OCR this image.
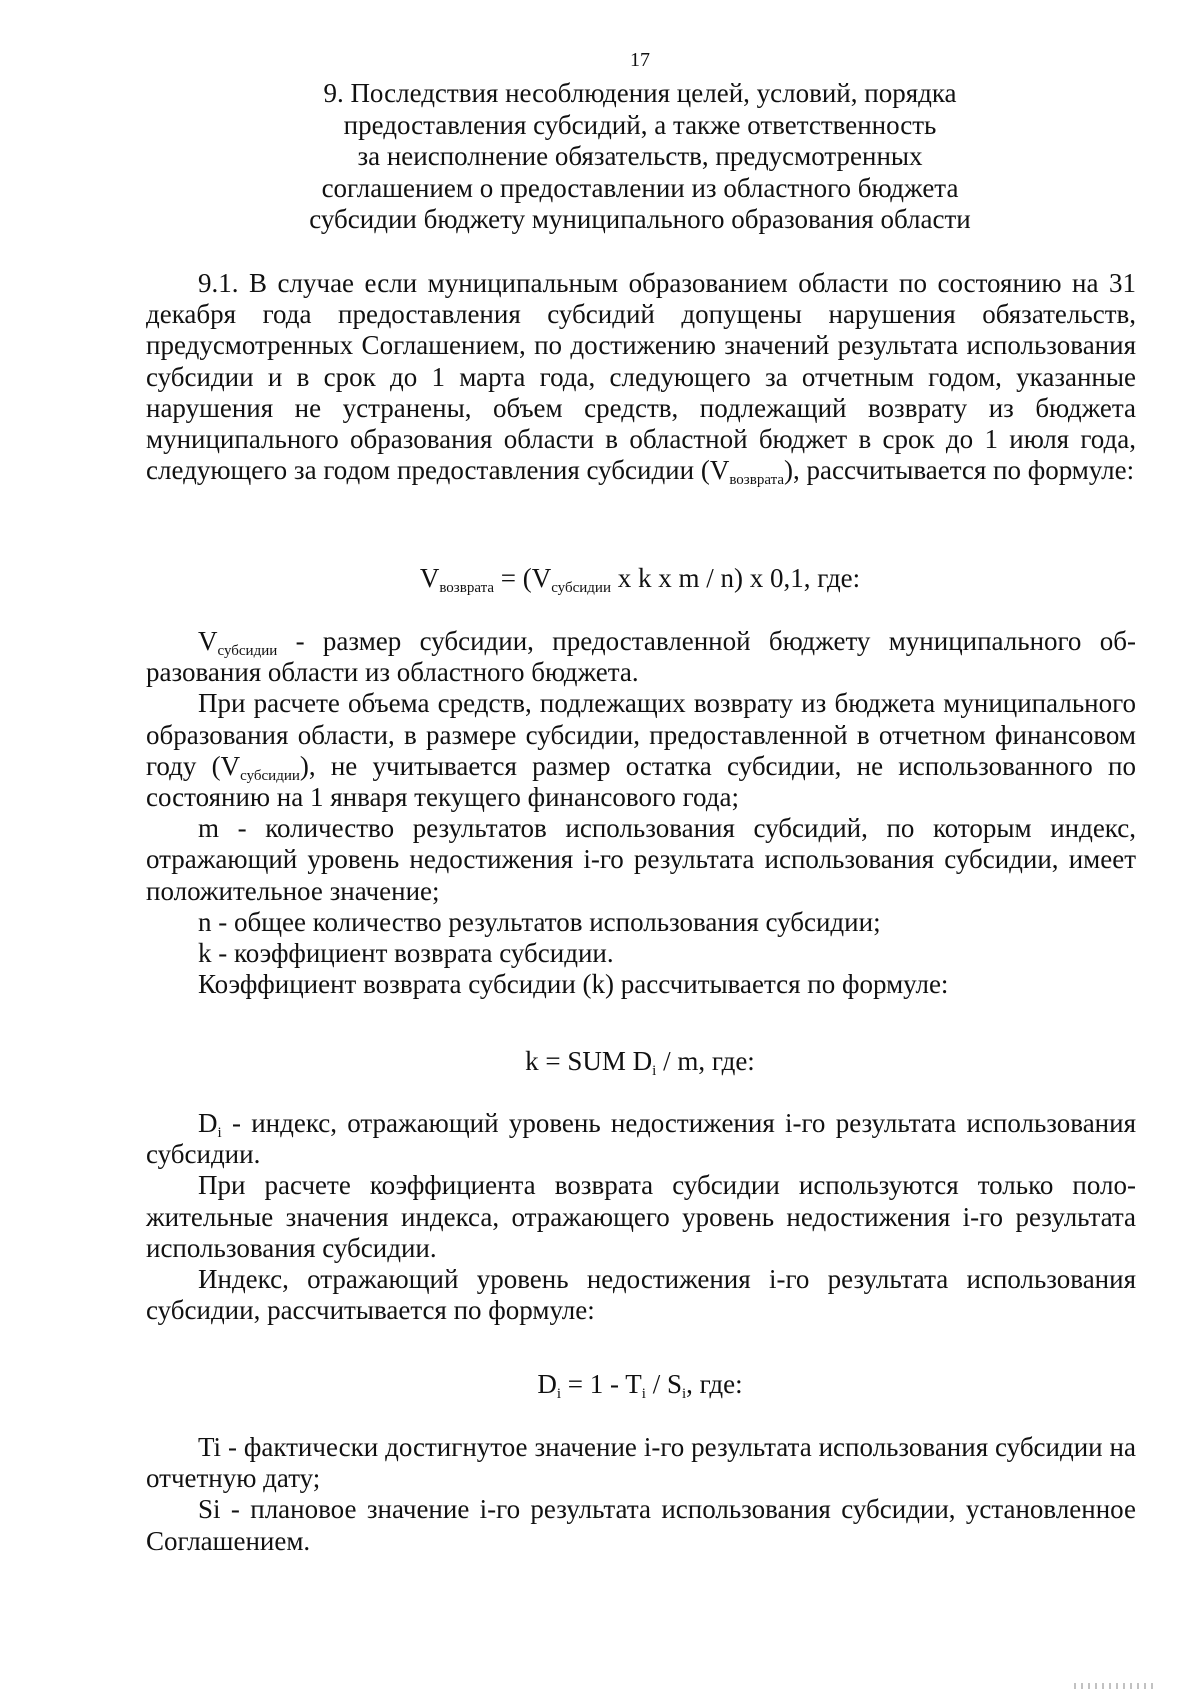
17
9. Последствия несоблюдения целей, условий, порядка
предоставления субсидий, а также ответственность
за неисполнение обязательств, предусмотренных
соглашением о предоставлении из областного бюджета
субсидии бюджету муниципального образования области

9.1. В случае если муниципальным образованием области по состоянию на 31 декабря года предоставления субсидий допущены нарушения обязательств, предусмотренных Соглашением, по достижению значений результата использования субсидии и в срок до 1 марта года, следующего за отчетным годом, указанные нарушения не устранены, объем средств, подлежащий возврату из бюджета муниципального образования области в областной бюджет в срок до 1 июля года, следующего за годом предоставления субсидии $(V_{возврата})$, рассчитывается по формуле:

$V_{возврата} = (V_{субсидии}$ x k x m / n) x 0,1, где:

$V_{субсидии}$ - размер субсидии, предоставленной бюджету муниципального образования области из областного бюджета.

При расчете объема средств, подлежащих возврату из бюджета муниципального образования области, в размере субсидии, предоставленной в отчетном финансовом году $(V_{субсидии})$, не учитывается размер остатка субсидии, не использованного по состоянию на 1 января текущего финансового года;

m - количество результатов использования субсидий, по которым индекс, отражающий уровень недостижения i-го результата использования субсидии, имеет положительное значение;

n - общее количество результатов использования субсидии;

k - коэффициент возврата субсидии.

Коэффициент возврата субсидии (k) рассчитывается по формуле:

k = SUM $D_i$ / m, где:

$D_i$ - индекс, отражающий уровень недостижения i-го результата использования субсидии.

При расчете коэффициента возврата субсидии используются только положительные значения индекса, отражающего уровень недостижения i-го результата использования субсидии.

Индекс, отражающий уровень недостижения i-го результата использования субсидии, рассчитывается по формуле:

$D_i = 1 - T_i / S_i$, где:

Ti - фактически достигнутое значение i-го результата использования субсидии на отчетную дату;

Si - плановое значение i-го результата использования субсидии, установленное Соглашением.
